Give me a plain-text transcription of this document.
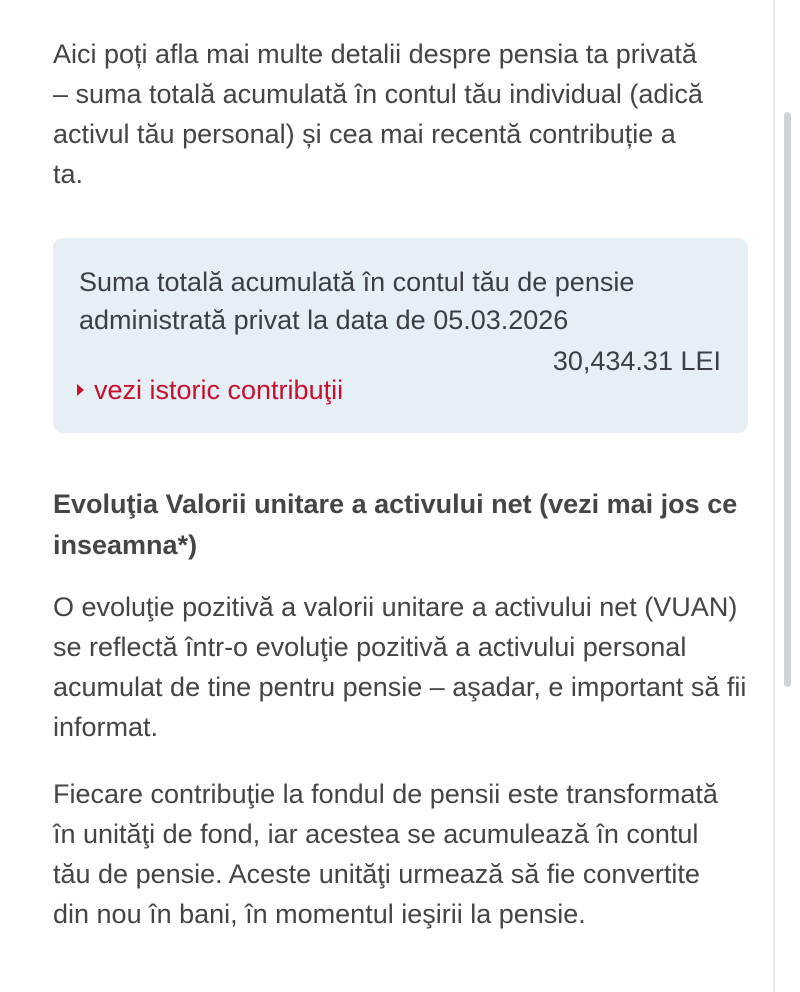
Aici poți afla mai multe detalii despre pensia ta privată – suma totală acumulată în contul tău individual (adică activul tău personal) și cea mai recentă contribuție a ta.

Suma totală acumulată în contul tău de pensie administrată privat la data de 05.03.2026
30,434.31 LEI
vezi istoric contribuţii
Evoluţia Valorii unitare a activului net (vezi mai jos ce inseamna*)

O evoluţie pozitivă a valorii unitare a activului net (VUAN) se reflectă într-o evoluţie pozitivă a activului personal acumulat de tine pentru pensie – aşadar, e important să fii informat.

Fiecare contribuţie la fondul de pensii este transformată în unităţi de fond, iar acestea se acumulează în contul tău de pensie. Aceste unităţi urmează să fie convertite din nou în bani, în momentul ieşirii la pensie.
